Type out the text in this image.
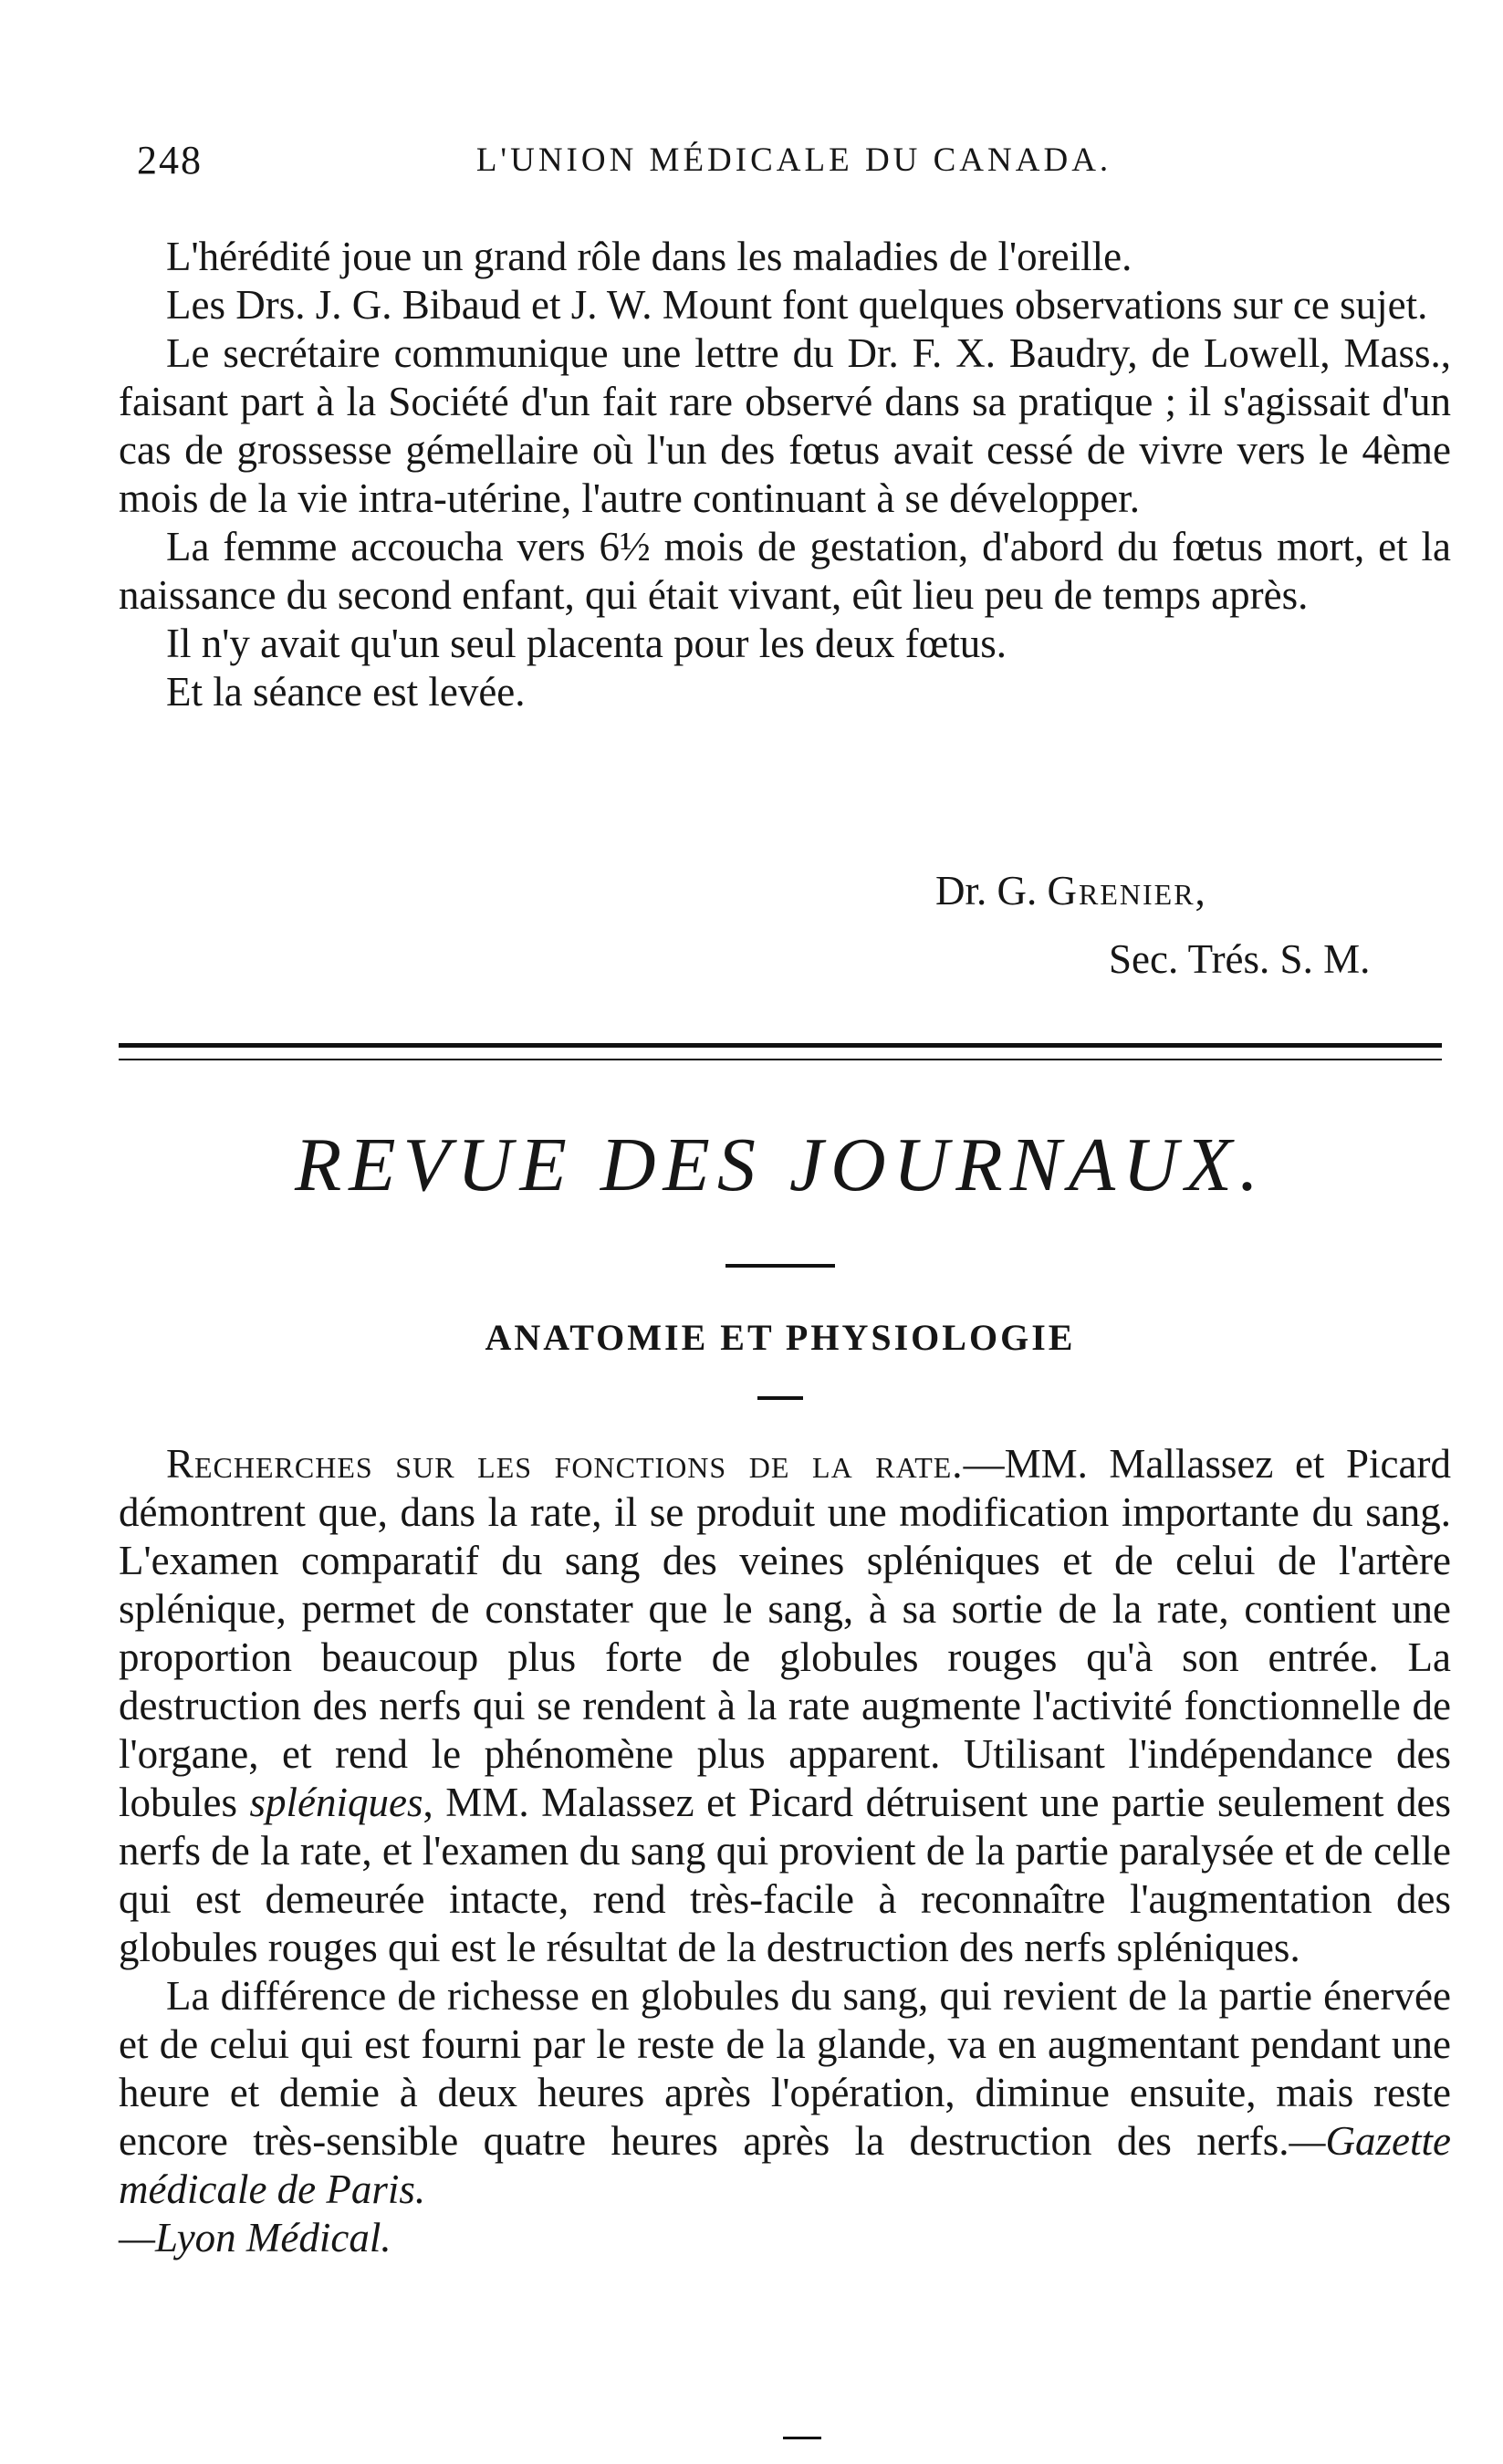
248	L'UNION MÉDICALE DU CANADA.

L'hérédité joue un grand rôle dans les maladies de l'oreille.

Les Drs. J. G. Bibaud et J. W. Mount font quelques observations sur ce sujet.

Le secrétaire communique une lettre du Dr. F. X. Baudry, de Lowell, Mass., faisant part à la Société d'un fait rare observé dans sa pratique ; il s'agissait d'un cas de grossesse gémellaire où l'un des fœtus avait cessé de vivre vers le 4ème mois de la vie intra-utérine, l'autre continuant à se développer.

La femme accoucha vers 6½ mois de gestation, d'abord du fœtus mort, et la naissance du second enfant, qui était vivant, eût lieu peu de temps après.

Il n'y avait qu'un seul placenta pour les deux fœtus.

Et la séance est levée.

Dr. G. Grenier,
Sec. Trés. S. M.
REVUE DES JOURNAUX.
ANATOMIE ET PHYSIOLOGIE

Recherches sur les fonctions de la rate.—MM. Mallassez et Picard démontrent que, dans la rate, il se produit une modification importante du sang. L'examen comparatif du sang des veines spléniques et de celui de l'artère splénique, permet de constater que le sang, à sa sortie de la rate, contient une proportion beaucoup plus forte de globules rouges qu'à son entrée. La destruction des nerfs qui se rendent à la rate augmente l'activité fonctionnelle de l'organe, et rend le phénomène plus apparent. Utilisant l'indépendance des lobules spléniques, MM. Malassez et Picard détruisent une partie seulement des nerfs de la rate, et l'examen du sang qui provient de la partie paralysée et de celle qui est demeurée intacte, rend très-facile à reconnaître l'augmentation des globules rouges qui est le résultat de la destruction des nerfs spléniques.

La différence de richesse en globules du sang, qui revient de la partie énervée et de celui qui est fourni par le reste de la glande, va en augmentant pendant une heure et demie à deux heures après l'opération, diminue ensuite, mais reste encore très-sensible quatre heures après la destruction des nerfs.—Gazette médicale de Paris.

—Lyon Médical.
